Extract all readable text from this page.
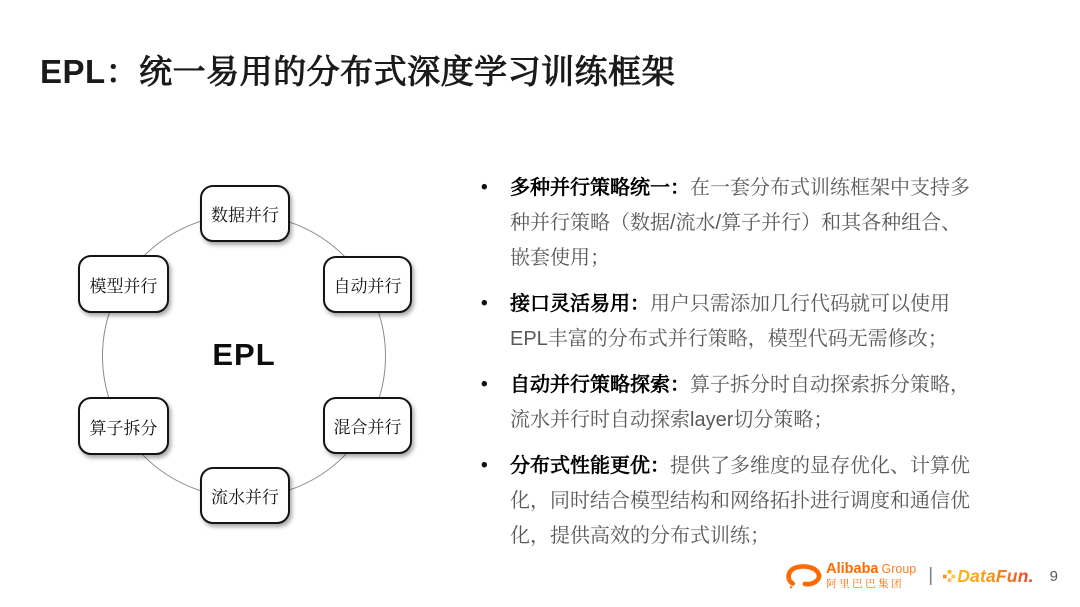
EPL：统一易用的分布式深度学习训练框架
数据并行
自动并行
混合并行
流水并行
算子拆分
模型并行
EPL
• 多种并行策略统一：在一套分布式训练框架中支持多种并行策略（数据/流水/算子并行）和其各种组合、嵌套使用；
• 接口灵活易用：用户只需添加几行代码就可以使用EPL丰富的分布式并行策略，模型代码无需修改；
• 自动并行策略探索：算子拆分时自动探索拆分策略，流水并行时自动探索layer切分策略；
• 分布式性能更优：提供了多维度的显存优化、计算优化，同时结合模型结构和网络拓扑进行调度和通信优化，提供高效的分布式训练；
Alibaba Group
阿里巴巴集团	| DataFun. 9
